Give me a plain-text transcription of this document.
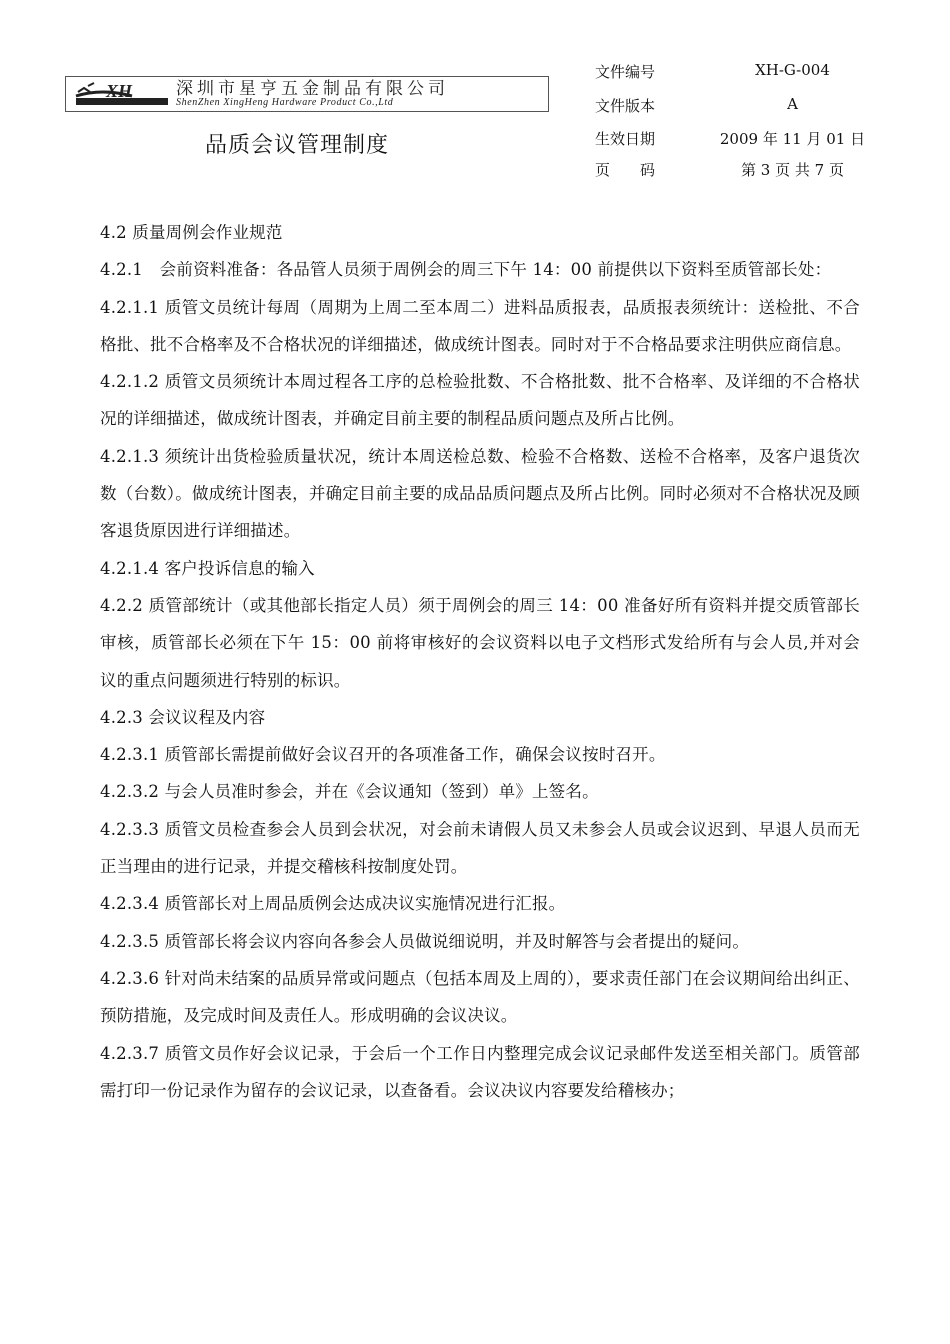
XH	深圳市星亨五金制品有限公司
ShenZhen XingHeng Hardware Product Co.,Ltd
品质会议管理制度
文件编号	XH-G-004
文件版本	A
生效日期	2009 年 11 月 01 日
页　　码	第 3 页 共 7 页

4.2 质量周例会作业规范

4.2.1　会前资料准备：各品管人员须于周例会的周三下午 14：00 前提供以下资料至质管部长处：

4.2.1.1 质管文员统计每周（周期为上周二至本周二）进料品质报表，品质报表须统计：送检批、不合格批、批不合格率及不合格状况的详细描述，做成统计图表。同时对于不合格品要求注明供应商信息。

4.2.1.2 质管文员须统计本周过程各工序的总检验批数、不合格批数、批不合格率、及详细的不合格状况的详细描述，做成统计图表，并确定目前主要的制程品质问题点及所占比例。

4.2.1.3 须统计出货检验质量状况，统计本周送检总数、检验不合格数、送检不合格率，及客户退货次数（台数）。做成统计图表，并确定目前主要的成品品质问题点及所占比例。同时必须对不合格状况及顾客退货原因进行详细描述。

4.2.1.4 客户投诉信息的输入

4.2.2 质管部统计（或其他部长指定人员）须于周例会的周三 14：00 准备好所有资料并提交质管部长审核，质管部长必须在下午 15：00 前将审核好的会议资料以电子文档形式发给所有与会人员,并对会议的重点问题须进行特别的标识。

4.2.3 会议议程及内容

4.2.3.1 质管部长需提前做好会议召开的各项准备工作，确保会议按时召开。

4.2.3.2 与会人员准时参会，并在《会议通知（签到）单》上签名。

4.2.3.3 质管文员检查参会人员到会状况，对会前未请假人员又未参会人员或会议迟到、早退人员而无正当理由的进行记录，并提交稽核科按制度处罚。

4.2.3.4 质管部长对上周品质例会达成决议实施情况进行汇报。

4.2.3.5 质管部长将会议内容向各参会人员做说细说明，并及时解答与会者提出的疑问。

4.2.3.6 针对尚未结案的品质异常或问题点（包括本周及上周的），要求责任部门在会议期间给出纠正、预防措施，及完成时间及责任人。形成明确的会议决议。

4.2.3.7 质管文员作好会议记录，于会后一个工作日内整理完成会议记录邮件发送至相关部门。质管部需打印一份记录作为留存的会议记录，以查备看。会议决议内容要发给稽核办；
